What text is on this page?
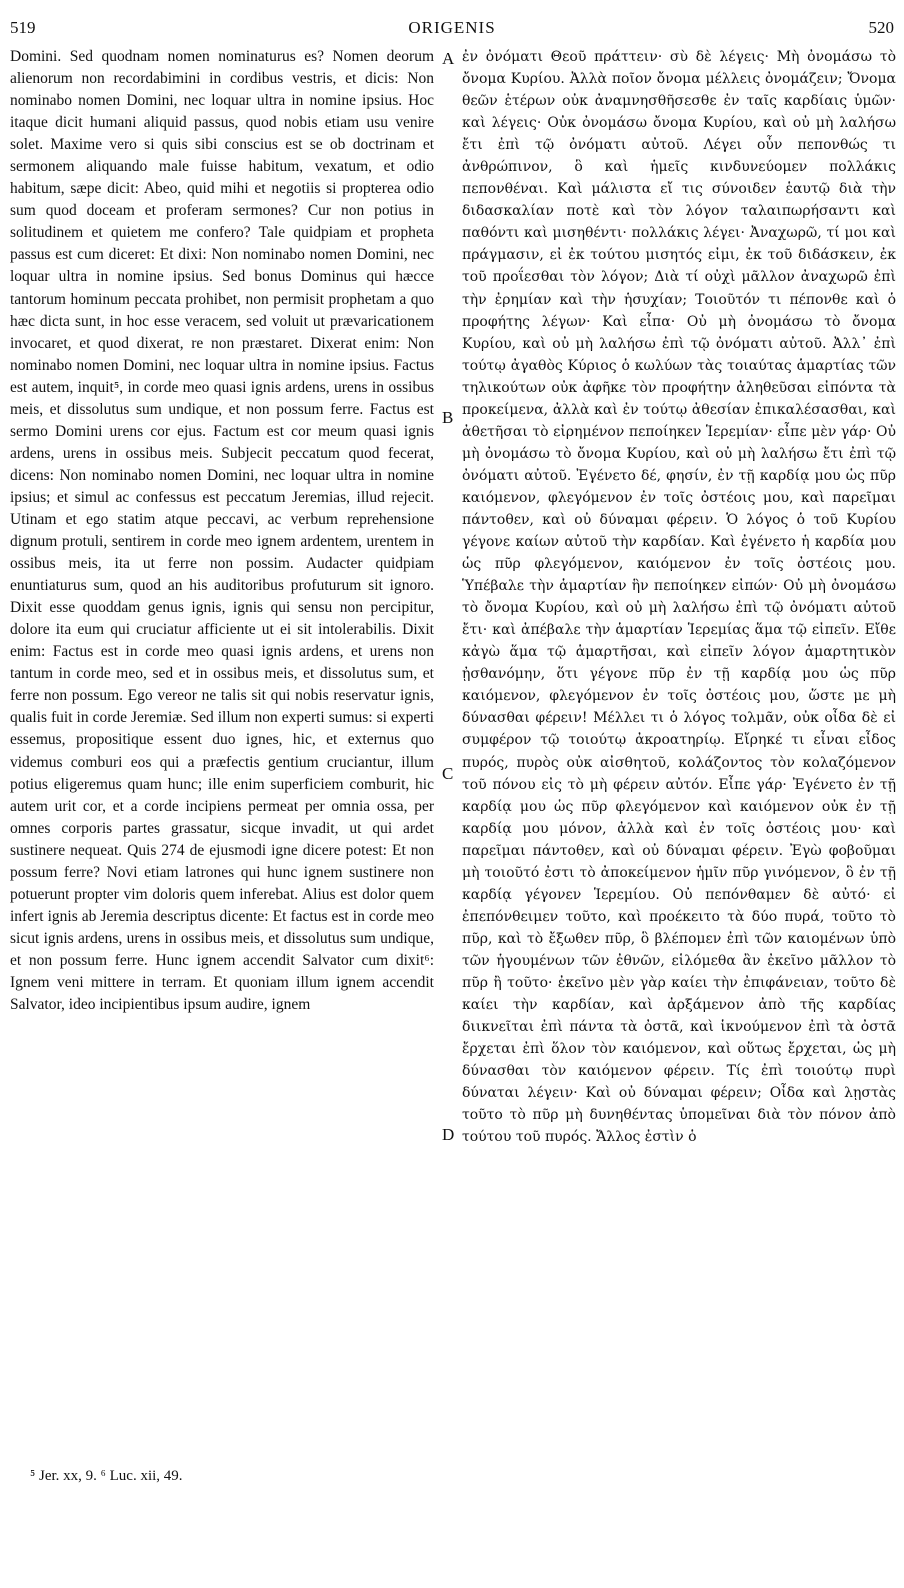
519	ORIGENIS	520

Domini. Sed quodnam nomen nominaturus es? Nomen deorum alienorum non recordabimini in cordibus vestris, et dicis: Non nominabo nomen Domini, nec loquar ultra in nomine ipsius. Hoc itaque dicit humani aliquid passus, quod nobis etiam usu venire solet. Maxime vero si quis sibi conscius est se ob doctrinam et sermonem aliquando male fuisse habitum, vexatum, et odio habitum, sæpe dicit: Abeo, quid mihi et negotiis si propterea odio sum quod doceam et proferam sermones? Cur non potius in solitudinem et quietem me confero? Tale quidpiam et propheta passus est cum diceret: Et dixi: Non nominabo nomen Domini, nec loquar ultra in nomine ipsius. Sed bonus Dominus qui hæcce tantorum hominum peccata prohibet, non permisit prophetam a quo hæc dicta sunt, in hoc esse veracem, sed voluit ut prævaricationem invocaret, et quod dixerat, re non præstaret. Dixerat enim: Non nominabo nomen Domini, nec loquar ultra in nomine ipsius. Factus est autem, inquit⁵, in corde meo quasi ignis ardens, urens in ossibus meis, et dissolutus sum undique, et non possum ferre. Factus est sermo Domini urens cor ejus. Factum est cor meum quasi ignis ardens, urens in ossibus meis. Subjecit peccatum quod fecerat, dicens: Non nominabo nomen Domini, nec loquar ultra in nomine ipsius; et simul ac confessus est peccatum Jeremias, illud rejecit. Utinam et ego statim atque peccavi, ac verbum reprehensione dignum protuli, sentirem in corde meo ignem ardentem, urentem in ossibus meis, ita ut ferre non possim. Audacter quidpiam enuntiaturus sum, quod an his auditoribus profuturum sit ignoro. Dixit esse quoddam genus ignis, ignis qui sensu non percipitur, dolore ita eum qui cruciatur afficiente ut ei sit intolerabilis. Dixit enim: Factus est in corde meo quasi ignis ardens, et urens non tantum in corde meo, sed et in ossibus meis, et dissolutus sum, et ferre non possum. Ego vereor ne talis sit qui nobis reservatur ignis, qualis fuit in corde Jeremiæ. Sed illum non experti sumus: si experti essemus, propositique essent duo ignes, hic, et externus quo videmus comburi eos qui a præfectis gentium cruciantur, illum potius eligeremus quam hunc; ille enim superficiem comburit, hic autem urit cor, et a corde incipiens permeat per omnia ossa, per omnes corporis partes grassatur, sicque invadit, ut qui ardet sustinere nequeat. Quis 274 de ejusmodi igne dicere potest: Et non possum ferre? Novi etiam latrones qui hunc ignem sustinere non potuerunt propter vim doloris quem inferebat. Alius est dolor quem infert ignis ab Jeremia descriptus dicente: Et factus est in corde meo sicut ignis ardens, urens in ossibus meis, et dissolutus sum undique, et non possum ferre. Hunc ignem accendit Salvator cum dixit⁶: Ignem veni mittere in terram. Et quoniam illum ignem accendit Salvator, ideo incipientibus ipsum audire, ignem

A
B
C
D

ἐν ὀνόματι Θεοῦ πράττειν· σὺ δὲ λέγεις· Μὴ ὀνομάσω τὸ ὄνομα Κυρίου. Ἀλλὰ ποῖον ὄνομα μέλλεις ὀνομάζειν; Ὄνομα θεῶν ἑτέρων οὐκ ἀναμνησθῆσεσθε ἐν ταῖς καρδίαις ὑμῶν· καὶ λέγεις· Οὐκ ὀνομάσω ὄνομα Κυρίου, καὶ οὐ μὴ λαλήσω ἔτι ἐπὶ τῷ ὀνόματι αὐτοῦ. Λέγει οὖν πεπονθώς τι ἀνθρώπινον, ὃ καὶ ἡμεῖς κινδυνεύομεν πολλάκις πεπονθέναι. Καὶ μάλιστα εἴ τις σύνοιδεν ἑαυτῷ διὰ τὴν διδασκαλίαν ποτὲ καὶ τὸν λόγον ταλαιπωρήσαντι καὶ παθόντι καὶ μισηθέντι· πολλάκις λέγει· Ἀναχωρῶ, τί μοι καὶ πράγμασιν, εἰ ἐκ τούτου μισητός εἰμι, ἐκ τοῦ διδάσκειν, ἐκ τοῦ προΐεσθαι τὸν λόγον; Διὰ τί οὐχὶ μᾶλλον ἀναχωρῶ ἐπὶ τὴν ἐρημίαν καὶ τὴν ἡσυχίαν; Τοιοῦτόν τι πέπονθε καὶ ὁ προφήτης λέγων· Καὶ εἶπα· Οὐ μὴ ὀνομάσω τὸ ὄνομα Κυρίου, καὶ οὐ μὴ λαλήσω ἐπὶ τῷ ὀνόματι αὐτοῦ. Ἀλλ᾽ ἐπὶ τούτῳ ἀγαθὸς Κύριος ὁ κωλύων τὰς τοιαύτας ἁμαρτίας τῶν τηλικούτων οὐκ ἀφῆκε τὸν προφήτην ἀληθεῦσαι εἰπόντα τὰ προκείμενα, ἀλλὰ καὶ ἐν τούτῳ ἀθεσίαν ἐπικαλέσασθαι, καὶ ἀθετῆσαι τὸ εἰρημένον πεποίηκεν Ἱερεμίαν· εἶπε μὲν γάρ· Οὐ μὴ ὀνομάσω τὸ ὄνομα Κυρίου, καὶ οὐ μὴ λαλήσω ἔτι ἐπὶ τῷ ὀνόματι αὐτοῦ. Ἐγένετο δέ, φησίν, ἐν τῇ καρδίᾳ μου ὡς πῦρ καιόμενον, φλεγόμενον ἐν τοῖς ὀστέοις μου, καὶ παρεῖμαι πάντοθεν, καὶ οὐ δύναμαι φέρειν. Ὁ λόγος ὁ τοῦ Κυρίου γέγονε καίων αὐτοῦ τὴν καρδίαν. Καὶ ἐγένετο ἡ καρδία μου ὡς πῦρ φλεγόμενον, καιόμενον ἐν τοῖς ὀστέοις μου. Ὑπέβαλε τὴν ἁμαρτίαν ἣν πεποίηκεν εἰπών· Οὐ μὴ ὀνομάσω τὸ ὄνομα Κυρίου, καὶ οὐ μὴ λαλήσω ἐπὶ τῷ ὀνόματι αὐτοῦ ἔτι· καὶ ἀπέβαλε τὴν ἁμαρτίαν Ἱερεμίας ἅμα τῷ εἰπεῖν. Εἴθε κἀγὼ ἅμα τῷ ἁμαρτῆσαι, καὶ εἰπεῖν λόγον ἁμαρτητικὸν ᾐσθανόμην, ὅτι γέγονε πῦρ ἐν τῇ καρδίᾳ μου ὡς πῦρ καιόμενον, φλεγόμενον ἐν τοῖς ὀστέοις μου, ὥστε με μὴ δύνασθαι φέρειν! Μέλλει τι ὁ λόγος τολμᾶν, οὐκ οἶδα δὲ εἰ συμφέρον τῷ τοιούτῳ ἀκροατηρίῳ. Εἴρηκέ τι εἶναι εἶδος πυρός, πυρὸς οὐκ αἰσθητοῦ, κολάζοντος τὸν κολαζόμενον τοῦ πόνου εἰς τὸ μὴ φέρειν αὐτόν. Εἶπε γάρ· Ἐγένετο ἐν τῇ καρδίᾳ μου ὡς πῦρ φλεγόμενον καὶ καιόμενον οὐκ ἐν τῇ καρδίᾳ μου μόνον, ἀλλὰ καὶ ἐν τοῖς ὀστέοις μου· καὶ παρεῖμαι πάντοθεν, καὶ οὐ δύναμαι φέρειν. Ἐγὼ φοβοῦμαι μὴ τοιοῦτό ἐστι τὸ ἀποκείμενον ἡμῖν πῦρ γινόμενον, ὃ ἐν τῇ καρδίᾳ γέγονεν Ἱερεμίου. Οὐ πεπόνθαμεν δὲ αὐτό· εἰ ἐπεπόνθειμεν τοῦτο, καὶ προέκειτο τὰ δύο πυρά, τοῦτο τὸ πῦρ, καὶ τὸ ἔξωθεν πῦρ, ὃ βλέπομεν ἐπὶ τῶν καιομένων ὑπὸ τῶν ἡγουμένων τῶν ἐθνῶν, εἱλόμεθα ἂν ἐκεῖνο μᾶλλον τὸ πῦρ ἢ τοῦτο· ἐκεῖνο μὲν γὰρ καίει τὴν ἐπιφάνειαν, τοῦτο δὲ καίει τὴν καρδίαν, καὶ ἀρξάμενον ἀπὸ τῆς καρδίας διικνεῖται ἐπὶ πάντα τὰ ὀστᾶ, καὶ ἱκνούμενον ἐπὶ τὰ ὀστᾶ ἔρχεται ἐπὶ ὅλον τὸν καιόμενον, καὶ οὕτως ἔρχεται, ὡς μὴ δύνασθαι τὸν καιόμενον φέρειν. Τίς ἐπὶ τοιούτῳ πυρὶ δύναται λέγειν· Καὶ οὐ δύναμαι φέρειν; Οἶδα καὶ λῃστὰς τοῦτο τὸ πῦρ μὴ δυνηθέντας ὑπομεῖναι διὰ τὸν πόνον ἀπὸ τούτου τοῦ πυρός. Ἄλλος ἐστὶν ὁ

⁵ Jer. xx, 9. ⁶ Luc. xii, 49.
